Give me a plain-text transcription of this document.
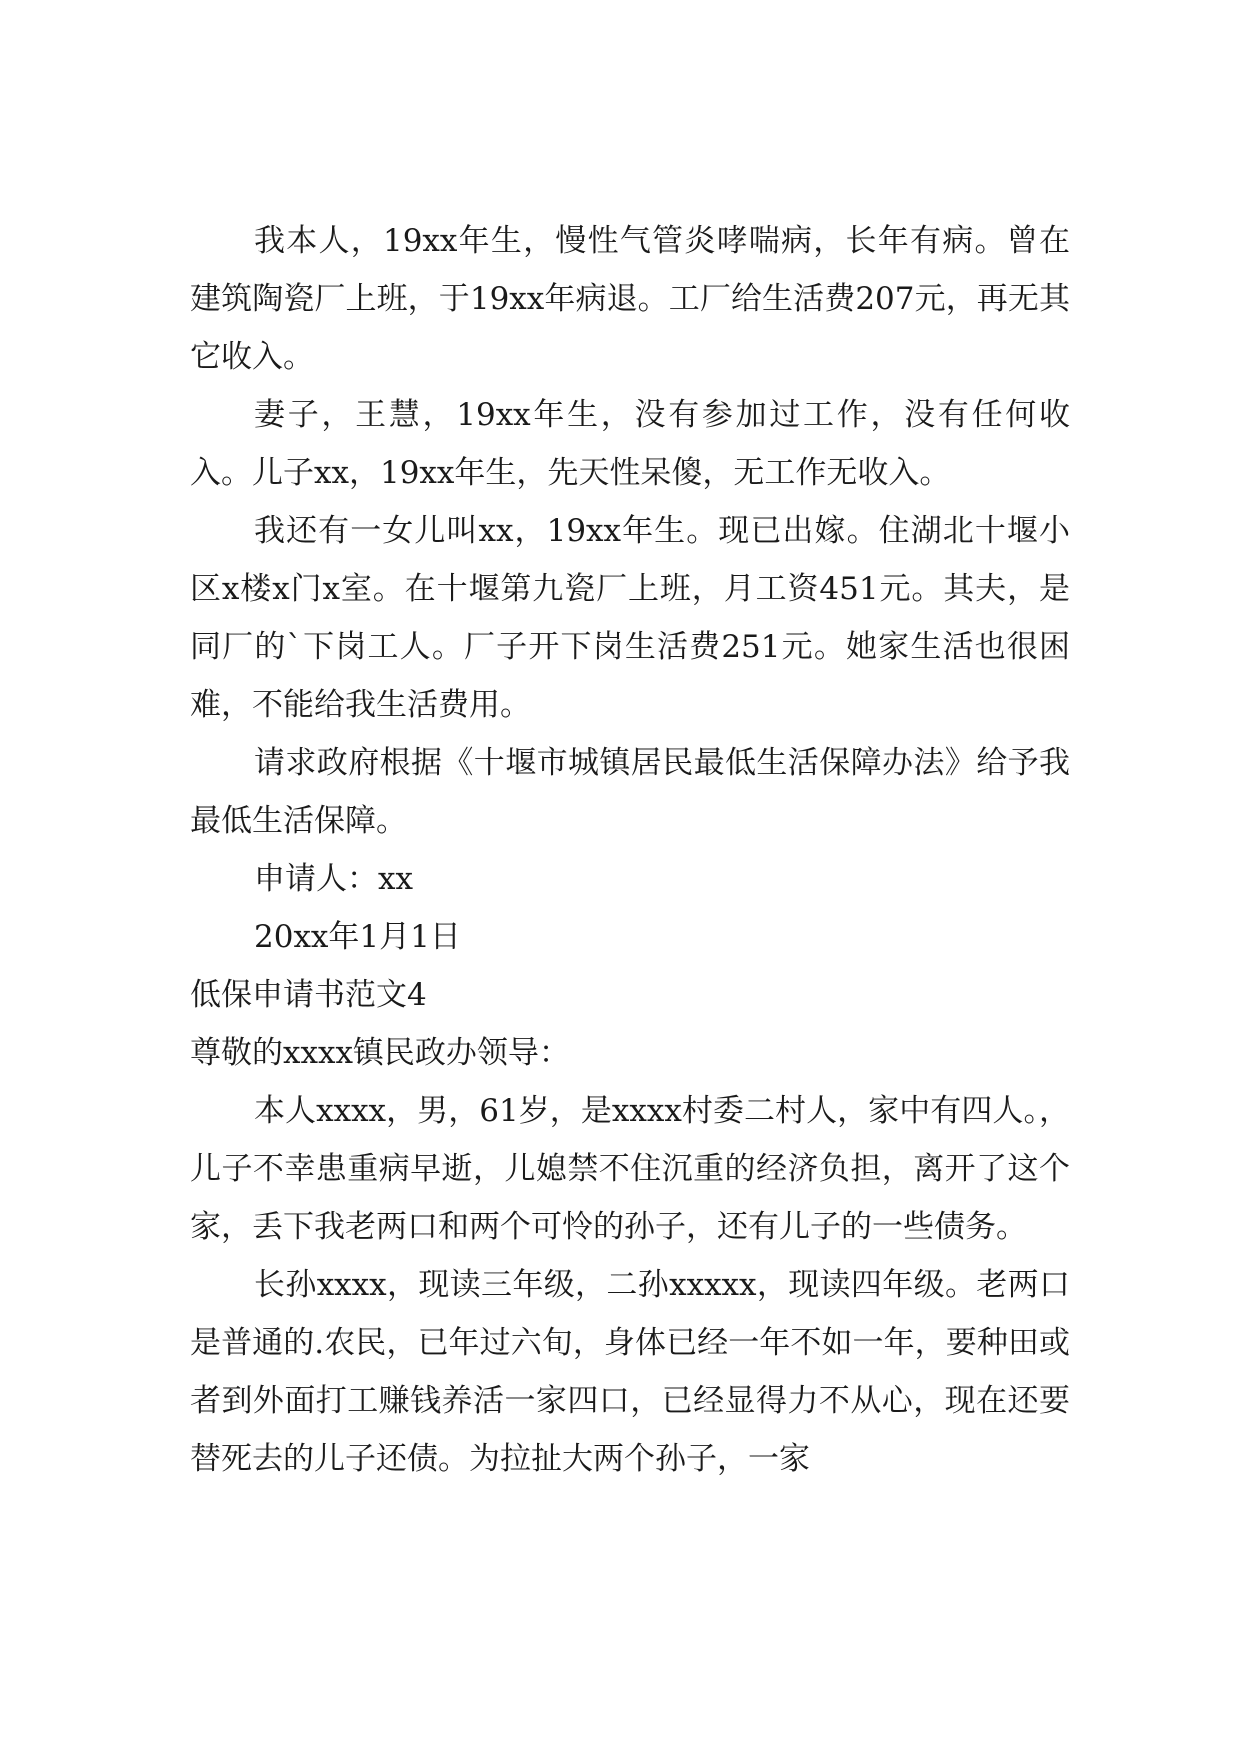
我本人，19xx年生，慢性气管炎哮喘病，长年有病。曾在建筑陶瓷厂上班，于19xx年病退。工厂给生活费207元，再无其它收入。

妻子，王慧，19xx年生，没有参加过工作，没有任何收入。儿子xx，19xx年生，先天性呆傻，无工作无收入。

我还有一女儿叫xx，19xx年生。现已出嫁。住湖北十堰小区x楼x门x室。在十堰第九瓷厂上班，月工资451元。其夫，是同厂的`下岗工人。厂子开下岗生活费251元。她家生活也很困难，不能给我生活费用。

请求政府根据《十堰市城镇居民最低生活保障办法》给予我最低生活保障。

申请人：xx

20xx年1月1日

低保申请书范文4

尊敬的xxxx镇民政办领导：

本人xxxx，男，61岁，是xxxx村委二村人，家中有四人。，儿子不幸患重病早逝，儿媳禁不住沉重的经济负担，离开了这个家，丢下我老两口和两个可怜的孙子，还有儿子的一些债务。

长孙xxxx，现读三年级，二孙xxxxx，现读四年级。老两口是普通的.农民，已年过六旬，身体已经一年不如一年，要种田或者到外面打工赚钱养活一家四口，已经显得力不从心，现在还要替死去的儿子还债。为拉扯大两个孙子，一家
